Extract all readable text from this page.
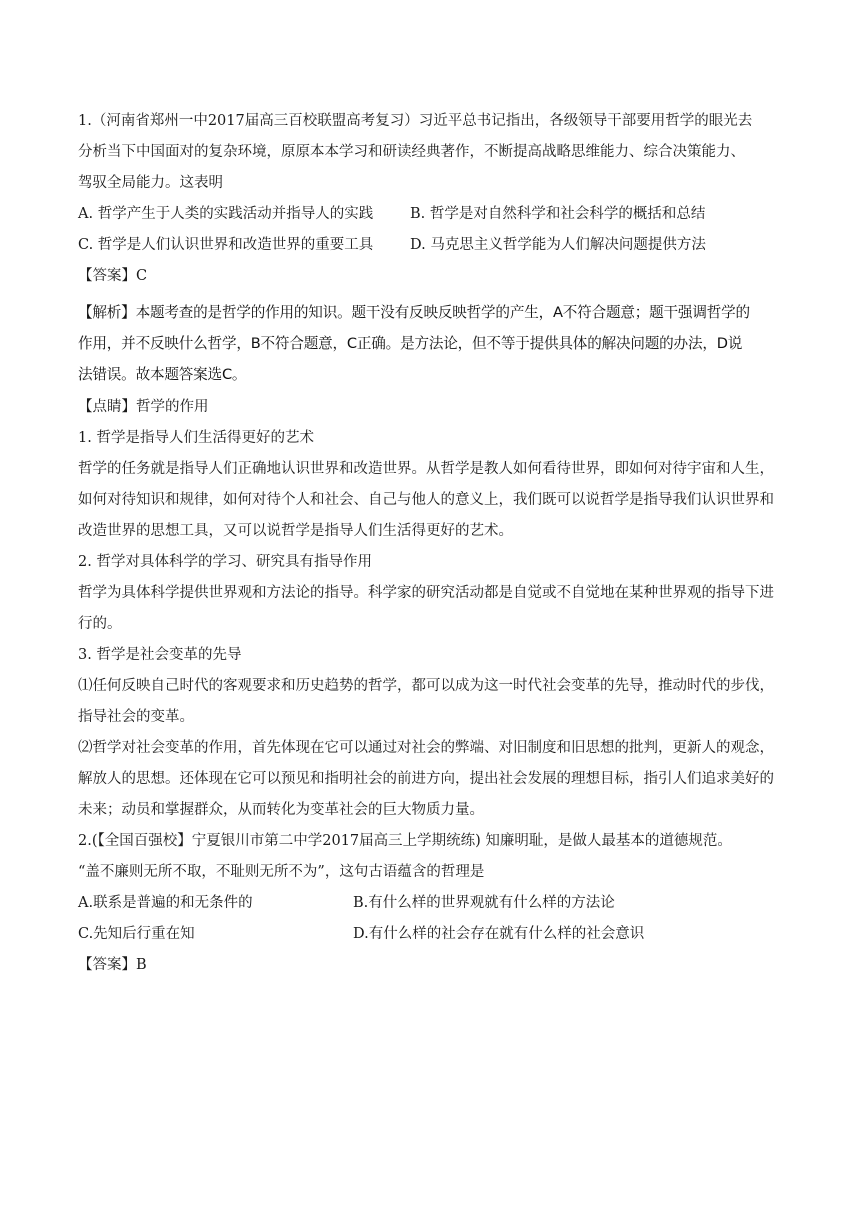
1.（河南省郑州一中2017届高三百校联盟高考复习）习近平总书记指出，各级领导干部要用哲学的眼光去
分析当下中国面对的复杂环境，原原本本学习和研读经典著作，不断提高战略思维能力、综合决策能力、
驾驭全局能力。这表明
A. 哲学产生于人类的实践活动并指导人的实践	B. 哲学是对自然科学和社会科学的概括和总结
C. 哲学是人们认识世界和改造世界的重要工具	D. 马克思主义哲学能为人们解决问题提供方法
【答案】C
【解析】本题考查的是哲学的作用的知识。题干没有反映反映哲学的产生，A不符合题意；题干强调哲学的
作用，并不反映什么哲学，B不符合题意，C正确。是方法论，但不等于提供具体的解决问题的办法，D说
法错误。故本题答案选C。
【点睛】哲学的作用
1. 哲学是指导人们生活得更好的艺术
哲学的任务就是指导人们正确地认识世界和改造世界。从哲学是教人如何看待世界，即如何对待宇宙和人生，如何对待知识和规律，如何对待个人和社会、自己与他人的意义上，我们既可以说哲学是指导我们认识世界和改造世界的思想工具，又可以说哲学是指导人们生活得更好的艺术。
2. 哲学对具体科学的学习、研究具有指导作用
哲学为具体科学提供世界观和方法论的指导。科学家的研究活动都是自觉或不自觉地在某种世界观的指导下进行的。
3. 哲学是社会变革的先导
⑴任何反映自己时代的客观要求和历史趋势的哲学，都可以成为这一时代社会变革的先导，推动时代的步伐，指导社会的变革。
⑵哲学对社会变革的作用，首先体现在它可以通过对社会的弊端、对旧制度和旧思想的批判，更新人的观念，解放人的思想。还体现在它可以预见和指明社会的前进方向，提出社会发展的理想目标，指引人们追求美好的未来；动员和掌握群众，从而转化为变革社会的巨大物质力量。
2.(【全国百强校】宁夏银川市第二中学2017届高三上学期统练) 知廉明耻，是做人最基本的道德规范。
“盖不廉则无所不取，不耻则无所不为”，这句古语蕴含的哲理是
A.联系是普遍的和无条件的	B.有什么样的世界观就有什么样的方法论
C.先知后行重在知	D.有什么样的社会存在就有什么样的社会意识
【答案】B
